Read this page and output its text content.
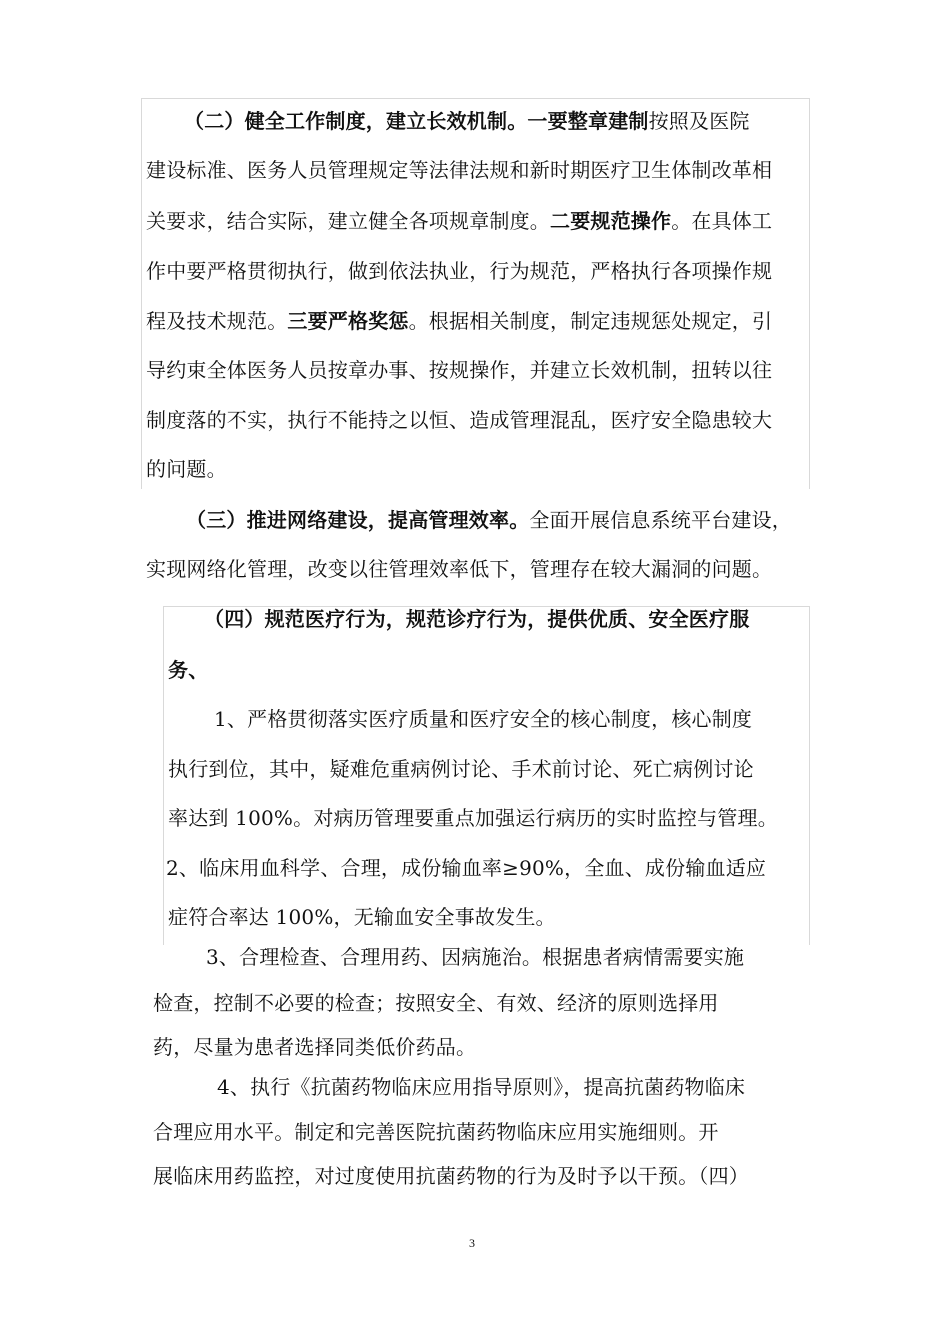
（二）健全工作制度，建立长效机制。一要整章建制按照及医院
建设标准、医务人员管理规定等法律法规和新时期医疗卫生体制改革相
关要求，结合实际，建立健全各项规章制度。二要规范操作。在具体工
作中要严格贯彻执行，做到依法执业，行为规范，严格执行各项操作规
程及技术规范。三要严格奖惩。根据相关制度，制定违规惩处规定，引
导约束全体医务人员按章办事、按规操作，并建立长效机制，扭转以往
制度落的不实，执行不能持之以恒、造成管理混乱，医疗安全隐患较大
的问题。
（三）推进网络建设，提高管理效率。全面开展信息系统平台建设，
实现网络化管理，改变以往管理效率低下，管理存在较大漏洞的问题。
（四）规范医疗行为，规范诊疗行为，提供优质、安全医疗服
务、
1、严格贯彻落实医疗质量和医疗安全的核心制度，核心制度
执行到位，其中，疑难危重病例讨论、手术前讨论、死亡病例讨论
率达到 100%。对病历管理要重点加强运行病历的实时监控与管理。
2、临床用血科学、合理，成份输血率≥90%，全血、成份输血适应
症符合率达 100%，无输血安全事故发生。
3、合理检查、合理用药、因病施治。根据患者病情需要实施
检查，控制不必要的检查；按照安全、有效、经济的原则选择用
药，尽量为患者选择同类低价药品。
4、执行《抗菌药物临床应用指导原则》，提高抗菌药物临床
合理应用水平。制定和完善医院抗菌药物临床应用实施细则。开
展临床用药监控，对过度使用抗菌药物的行为及时予以干预。（四）
3
